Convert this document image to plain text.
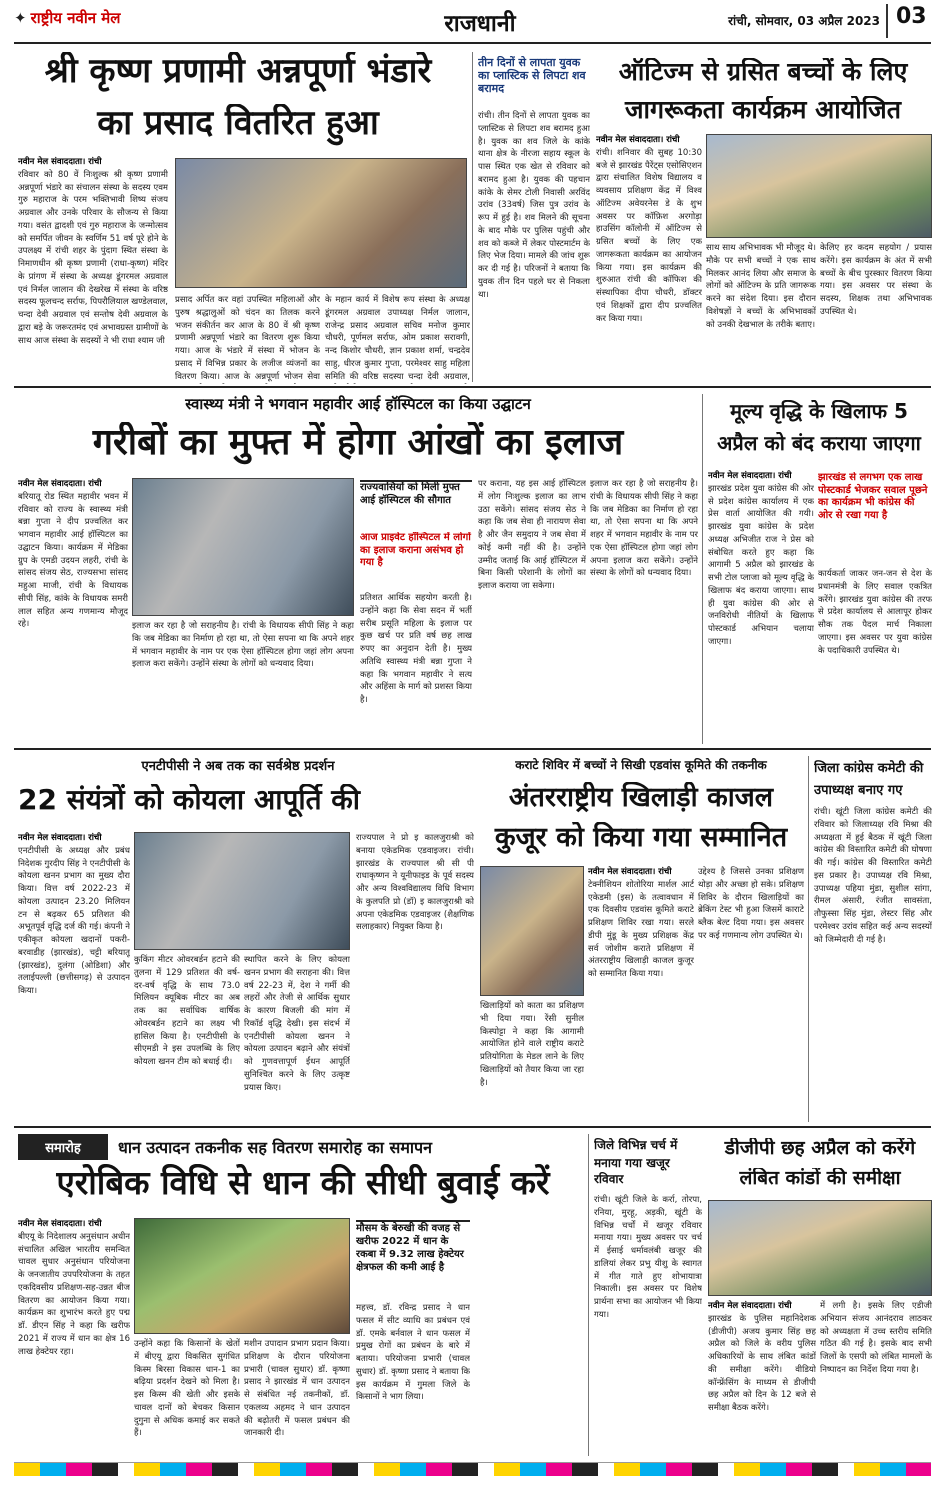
✦ राष्ट्रीय नवीन मेल	राजधानी	रांची, सोमवार, 03 अप्रैल 2023 03
श्री कृष्ण प्रणामी अन्नपूर्णा भंडारे
का प्रसाद वितरित हुआ
नवीन मेल संवाददाता। रांची
रविवार को 80 वें निःशुल्क श्री कृष्ण प्रणामी अन्नपूर्णा भंडारे का संचालन संस्था के सदस्य एवम गुरु महाराज के परम भक्तिभावी शिष्य संजय अग्रवाल और उनके परिवार के सौजन्य से किया गया। वसंत द्वादशी एवं गुरु महाराज के जन्मोत्सव को समर्पित जीवन के स्वर्णिम 51 वर्ष पूरे होने के उपलक्ष्य में रांची शहर के पुंदाग स्थित संस्था के निमाणधीन श्री कृष्ण प्रणामी (राधा-कृष्ण) मंदिर के प्रांगण में संस्था के अध्यक्ष डूंगरमल अग्रवाल एवं निर्मल जालान की देखरेख में संस्था के वरिष्ठ सदस्य फूलचन्द सर्राफ, पिपरौलियाल खण्डेलवाल, चन्दा देवी अग्रवाल एवं सन्तोष देवी अग्रवाल के द्वारा बड़े के जरूरतमंद एवं अभावग्रस्त ग्रामीणों के साथ आज संस्था के सदस्यों ने भी राधा श्याम जी
प्रसाद अर्पित कर वहां उपस्थित महिलाओं और पुरुष श्रद्धालुओं को चंदन का तिलक करने भजन संकीर्तन कर आज के 80 वें श्री कृष्ण प्रणामी अन्नपूर्णा भंडारे का वितरण शुरू किया गया। आज के भंडारे में संस्था में भोजन के प्रसाद में विभिन्न प्रकार के लजीज व्यंजनों का वितरण किया। आज के अन्नपूर्णा भोजन सेवा
के महान कार्य में विशेष रूप संस्था के अध्यक्ष डूंगरमल अग्रवाल उपाध्यक्ष निर्मल जालान, राजेन्द्र प्रसाद अग्रवाल सचिव मनोज कुमार चौधरी, पूर्णमल सर्राफ, ओम प्रकाश सरावगी, नन्द किशोर चौधरी, ज्ञान प्रकाश शर्मा, चन्द्रदेव साहु, धीरज कुमार गुप्ता, परमेश्वर साहु महिला समिति की वरिष्ठ सदस्या चन्दा देवी अग्रवाल,
तीन दिनों से लापता युवक का प्लास्टिक से लिपटा शव बरामद
रांची। तीन दिनों से लापता युवक का प्लास्टिक से लिपटा शव बरामद हुआ है। युवक का शव जिले के कांके थाना क्षेत्र के नीरजा सहाय स्कूल के पास स्थित एक खेत से रविवार को बरामद हुआ है। युवक की पहचान कांके के सेमर टोली निवासी अरविंद उरांव (33वर्ष) जिस पुत्र उरांव के रूप में हुई है। शव मिलने की सूचना के बाद मौके पर पुलिस पहुंची और शव को कब्जे में लेकर पोस्टमार्टम के लिए भेज दिया। मामले की जांच शुरू कर दी गई है। परिजनों ने बताया कि युवक तीन दिन पहले घर से निकला था।
ऑटिज्म से ग्रसित बच्चों के लिए
जागरूकता कार्यक्रम आयोजित
नवीन मेल संवाददाता। रांची
रांची। शनिवार की सुबह 10:30 बजे से झारखंड पैरेंट्स एसोसिएशन द्वारा संचालित विशेष विद्यालय व व्यवसाय प्रशिक्षण केंद्र में विश्व ऑटिज्म अवेयरनेस डे के शुभ अवसर पर कॉफ़िश अरगोड़ा हाउसिंग कॉलोनी में ऑटिज्म से ग्रसित बच्चों के लिए एक जागरूकता कार्यक्रम का आयोजन किया गया। इस कार्यक्रम की शुरुआत रांची की कॉफिश की संस्थापिका दीपा चौधरी, डॉक्टर एवं शिक्षकों द्वारा दीप प्रज्वलित कर किया गया।
साथ साथ अभिभावक भी मौजूद थे। मौके पर सभी बच्चों ने एक साथ मिलकर आनंद लिया और समाज के लोगों को ऑटिज्म के प्रति जागरूक करने का संदेश दिया। इस दौरान विशेषज्ञों ने बच्चों के अभिभावकों को उनकी देखभाल के तरीके बताए।
केलिए हर कदम सहयोग / प्रयास करेंगे। इस कार्यक्रम के अंत में सभी बच्चों के बीच पुरस्कार वितरण किया गया। इस अवसर पर संस्था के सदस्य, शिक्षक तथा अभिभावक उपस्थित थे।
स्वास्थ्य मंत्री ने भगवान महावीर आई हॉस्पिटल का किया उद्घाटन
गरीबों का मुफ्त में होगा आंखों का इलाज
नवीन मेल संवाददाता। रांची
बरियातू रोड स्थित महावीर भवन में रविवार को राज्य के स्वास्थ्य मंत्री बन्ना गुप्ता ने दीप प्रज्वलित कर भगवान महावीर आई हॉस्पिटल का उद्घाटन किया। कार्यक्रम में मेडिका ग्रुप के एमडी उदयन लहरी, रांची के सांसद संजय सेठ, राज्यसभा सांसद महुआ माजी, रांची के विधायक सीपी सिंह, कांके के विधायक समरी लाल सहित अन्य गणमान्य मौजूद रहे।	इलाज कर रहा है जो सराहनीय है। रांची के विधायक सीपी सिंह ने कहा कि जब मेडिका का निर्माण हो रहा था, तो ऐसा सपना था कि अपने शहर में भगवान महावीर के नाम पर एक ऐसा हॉस्पिटल होगा जहां लोग अपना इलाज करा सकेंगे। उन्होंने संस्था के लोगों को धन्यवाद दिया।
राज्यवासियों को मिली मुफ्त आई हॉस्पिटल की सौगात
आज प्राइवेट हॉस्पिटल में लोगों का इलाज कराना असंभव हो गया है
प्रतिशत आर्थिक सहयोग करती है। उन्होंने कहा कि सेवा सदन में भर्ती सरीब प्रसूति महिला के इलाज पर कुछ खर्च पर प्रति वर्ष छह लाख रुपए का अनुदान देती है। मुख्य अतिथि स्वास्थ्य मंत्री बन्ना गुप्ता ने कहा कि भगवान महावीर ने सत्य और अहिंसा के मार्ग को प्रशस्त किया है।
पर कराना, यह इस आई हॉस्पिटल में लोग निःशुल्क इलाज का लाभ उठा सकेंगे। सांसद संजय सेठ ने कहा कि जब सेवा ही नारायण सेवा है और जैन समुदाय ने जब सेवा में कोई कमी नहीं की है। उन्होंने उम्मीद जताई कि आई हॉस्पिटल में बिना किसी परेशानी के लोगों का इलाज कराया जा सकेगा।
इलाज कर रहा है जो सराहनीय है। रांची के विधायक सीपी सिंह ने कहा कि जब मेडिका का निर्माण हो रहा था, तो ऐसा सपना था कि अपने शहर में भगवान महावीर के नाम पर एक ऐसा हॉस्पिटल होगा जहां लोग अपना इलाज करा सकेंगे। उन्होंने संस्था के लोगों को धन्यवाद दिया।
मूल्य वृद्धि के खिलाफ 5
अप्रैल को बंद कराया जाएगा
नवीन मेल संवाददाता। रांची
झारखंड प्रदेश युवा कांग्रेस की ओर से प्रदेश कांग्रेस कार्यालय में एक प्रेस वार्ता आयोजित की गयी। झारखंड युवा कांग्रेस के प्रदेश अध्यक्ष अभिजीत राज ने प्रेस को संबोधित करते हुए कहा कि आगामी 5 अप्रैल को झारखंड के सभी टोल प्लाजा को मूल्य वृद्धि के खिलाफ बंद कराया जाएगा। साथ ही युवा कांग्रेस की ओर से जनविरोधी नीतियों के खिलाफ पोस्टकार्ड अभियान चलाया जाएगा।
झारखंड से लगभग एक लाख पोस्टकार्ड भेजकर सवाल पूछने का कार्यक्रम भी कांग्रेस की ओर से रखा गया है
कार्यकर्ता जाकर जन-जन से देश के प्रधानमंत्री के लिए सवाल एकत्रित करेंगे। झारखंड युवा कांग्रेस की तरफ से प्रदेश कार्यालय से आलापूर होकर सौक तक पैदल मार्च निकाला जाएगा। इस अवसर पर युवा कांग्रेस के पदाधिकारी उपस्थित थे।
एनटीपीसी ने अब तक का सर्वश्रेष्ठ प्रदर्शन
22 संयंत्रों को कोयला आपूर्ति की
नवीन मेल संवाददाता। रांची
एनटीपीसी के अध्यक्ष और प्रबंध निदेशक गुरदीप सिंह ने एनटीपीसी के कोयला खनन प्रभाग का मुख्य दौरा किया। वित्त वर्ष 2022-23 में कोयला उत्पादन 23.20 मिलियन टन से बढ़कर 65 प्रतिशत की अभूतपूर्व वृद्धि दर्ज की गई। कंपनी ने एकीकृत कोयला खदानों पकरी-बरवाडीह (झारखंड), चट्टी बरियातू (झारखंड), दुलंगा (ओडिशा) और तलाईपल्ली (छत्तीसगढ़) से उत्पादन किया।
कुकिंग मीटर ओवरबर्डन हटाने की तुलना में 129 प्रतिशत की वर्ष-दर-वर्ष वृद्धि के साथ 73.0 मिलियन क्यूबिक मीटर का अब तक का सर्वाधिक वार्षिक ओवरबर्डन हटाने का लक्ष्य भी हासिल किया है। एनटीपीसी के सीएमडी ने इस उपलब्धि के लिए कोयला खनन टीम को बधाई दी।
स्थापित करने के लिए कोयला खनन प्रभाग की सराहना की। वित्त वर्ष 22-23 में, देश ने गर्मी की लहरों और तेजी से आर्थिक सुधार के कारण बिजली की मांग में रिकॉर्ड वृद्धि देखी। इस संदर्भ में एनटीपीसी कोयला खनन ने कोयला उत्पादन बढ़ाने और संयंत्रों को गुणवत्तापूर्ण ईंधन आपूर्ति सुनिश्चित करने के लिए उत्कृष्ट प्रयास किए।
राज्यपाल ने प्रो इ कालजुराश्री को बनाया एकेडमिक एडवाइजर। रांची। झारखंड के राज्यपाल श्री सी पी राधाकृष्णन ने यूनीफाइड के पूर्व सदस्य और अन्य विश्वविद्यालय विधि विभाग के कुलपति प्रो (डॉ) इ कालजुराश्री को अपना एकेडमिक एडवाइजर (शैक्षणिक सलाहकार) नियुक्त किया है।
कराटे शिविर में बच्चों ने सिखी एडवांस कूमिते की तकनीक
अंतरराष्ट्रीय खिलाड़ी काजल
कुजूर को किया गया सम्मानित
नवीन मेल संवाददाता। रांची
टेक्नीशियन शोतोरिया मार्शल आर्ट एकेडमी (इस) के तत्वावधान में एक दिवसीय एडवांस कूमिते कराटे प्रशिक्षण शिविर रखा गया। सरले डीपी मुंडू के मुख्य प्रशिक्षक केंद्र सर्व जोशीम कराते प्रशिक्षण में अंतरराष्ट्रीय खिलाड़ी काजल कुजूर को सम्मानित किया गया।
खिलाड़ियों को काता का प्रशिक्षण भी दिया गया। रेंसी सुनील किस्पोट्टा ने कहा कि आगामी आयोजित होने वाले राष्ट्रीय कराटे प्रतियोगिता के मेडल लाने के लिए खिलाड़ियों को तैयार किया जा रहा है।
उद्देश्य है जिससे उनका प्रशिक्षण थोड़ा और अच्छा हो सके। प्रशिक्षण शिविर के दौरान खिलाड़ियों का ब्रेकिंग टेस्ट भी हुआ जिसमें काराटे ब्लैक बेल्ट दिया गया। इस अवसर पर कई गणमान्य लोग उपस्थित थे।
जिला कांग्रेस कमेटी की
उपाध्यक्ष बनाए गए
रांची। खूंटी जिला कांग्रेस कमेटी की रविवार को जिलाध्यक्ष रवि मिश्रा की अध्यक्षता में हुई बैठक में खूंटी जिला कांग्रेस की विस्तारित कमेटी की घोषणा की गई। कांग्रेस की विस्तारित कमेटी इस प्रकार है। उपाध्यक्ष रवि मिश्रा, उपाध्यक्ष पहिया मुंडा, सुशील सांगा, रीमल अंसारी, रंजीत सावसंता, तौफुस्सा सिंह मुंडा, लेस्टर सिंह और परमेश्वर उरांव सहित कई अन्य सदस्यों को जिम्मेदारी दी गई है।
समारोह	धान उत्पादन तकनीक सह वितरण समारोह का समापन
एरोबिक विधि से धान की सीधी बुवाई करें
नवीन मेल संवाददाता। रांची
बीएयू के निदेशालय अनुसंधान अधीन संचालित अखिल भारतीय समन्वित चावल सुधार अनुसंधान परियोजना के जनजातीय उपपरियोजना के तहत एकदिवसीय प्रशिक्षण-सह-उन्नत बीज वितरण का आयोजन किया गया। कार्यक्रम का शुभारंभ करते हुए पद्म डॉ. डीएन सिंह ने कहा कि खरीफ 2021 में राज्य में धान का क्षेत्र 16 लाख हेक्टेयर रहा।
उन्होंने कहा कि किसानों के खेतों में बीएयू द्वारा विकसित सुगंधित किस्म बिरसा विकास धान-1 का बढ़िया प्रदर्शन देखने को मिला है। इस किस्म की खेती और इसके चावल दानों को बेचकर किसान दुगुना से अधिक कमाई कर सकते हैं।
मशीन उपादान प्रभाग प्रदान किया। प्रशिक्षण के दौरान परियोजना प्रभारी (चावल सुधार) डॉ. कृष्णा प्रसाद ने झारखंड में धान उत्पादन से संबंधित नई तकनीकों, डॉ. एकलव्य अहमद ने धान उत्पादन की बढ़ोतरी में फसल प्रबंधन की जानकारी दी।
मौसम के बेरुखी की वजह से खरीफ 2022 में धान के रकबा में 9.32 लाख हेक्टेयर क्षेत्रफल की कमी आई है
महत्त्व, डॉ. रविन्द्र प्रसाद ने धान फसल में सीट व्याधि का प्रबंधन एवं डॉ. एमके बर्नवाल ने धान फसल में प्रमुख रोगों का प्रबंधन के बारे में बताया। परियोजना प्रभारी (चावल सुधार) डॉ. कृष्णा प्रसाद ने बताया कि इस कार्यक्रम में गुमला जिले के किसानों ने भाग लिया।
जिले विभिन्न चर्च में
मनाया गया खजूर रविवार
रांची। खूंटी जिले के कर्रा, तोरपा, रनिया, मुरहू, अड़की, खूंटी के विभिन्न चर्चों में खजूर रविवार मनाया गया। मुख्य अवसर पर चर्च में ईसाई धर्मावलंबी खजूर की डालियां लेकर प्रभु यीशु के स्वागत में गीत गाते हुए शोभायात्रा निकाली। इस अवसर पर विशेष प्रार्थना सभा का आयोजन भी किया गया।
डीजीपी छह अप्रैल को करेंगे
लंबित कांडों की समीक्षा
नवीन मेल संवाददाता। रांची
झारखंड के पुलिस महानिदेशक (डीजीपी) अजय कुमार सिंह छह अप्रैल को जिले के वरीय पुलिस अधिकारियों के साथ लंबित कांडों की समीक्षा करेंगे। वीडियो कॉन्फ्रेंसिंग के माध्यम से डीजीपी छह अप्रैल को दिन के 12 बजे से समीक्षा बैठक करेंगे।
में लगी है। इसके लिए एडीजी अभियान संजय आनंदराव लाठकर को अध्यक्षता में उच्च स्तरीय समिति गठित की गई है। इसके बाद सभी जिलों के एसपी को लंबित मामलों के निष्पादन का निर्देश दिया गया है।
